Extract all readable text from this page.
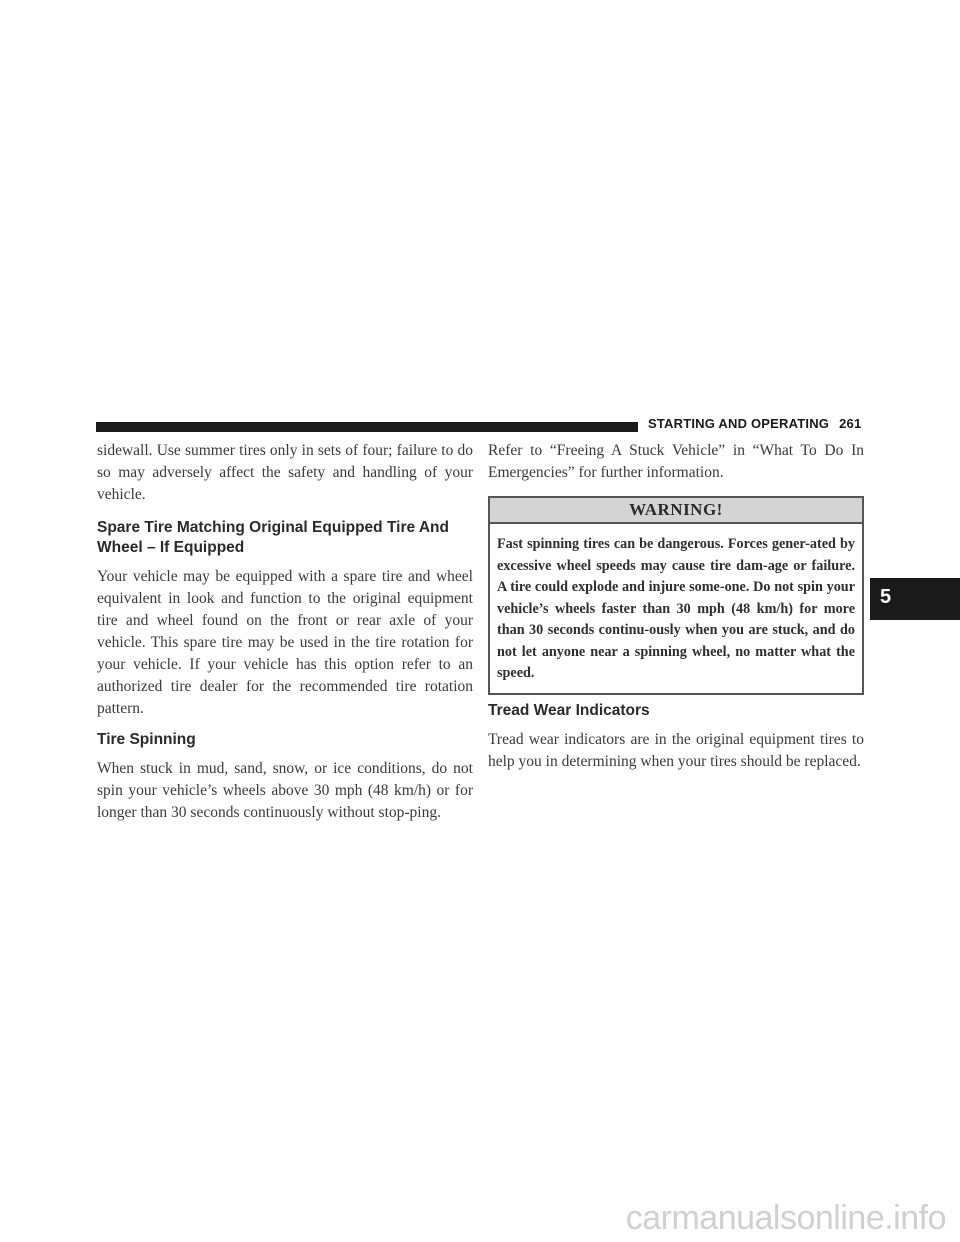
STARTING AND OPERATING 261
5

sidewall. Use summer tires only in sets of four; failure to do so may adversely affect the safety and handling of your vehicle.

Spare Tire Matching Original Equipped Tire And
Wheel – If Equipped

Your vehicle may be equipped with a spare tire and wheel equivalent in look and function to the original equipment tire and wheel found on the front or rear axle of your vehicle. This spare tire may be used in the tire rotation for your vehicle. If your vehicle has this option refer to an authorized tire dealer for the recommended tire rotation pattern.

Tire Spinning

When stuck in mud, sand, snow, or ice conditions, do not spin your vehicle’s wheels above 30 mph (48 km/h) or for longer than 30 seconds continuously without stop-ping.

Refer to “Freeing A Stuck Vehicle” in “What To Do In Emergencies” for further information.

WARNING!
Fast spinning tires can be dangerous. Forces gener-ated by excessive wheel speeds may cause tire dam-age or failure. A tire could explode and injure some-one. Do not spin your vehicle’s wheels faster than 30 mph (48 km/h) for more than 30 seconds continu-ously when you are stuck, and do not let anyone near a spinning wheel, no matter what the speed.
Tread Wear Indicators

Tread wear indicators are in the original equipment tires to help you in determining when your tires should be replaced.

carmanualsonline.info
